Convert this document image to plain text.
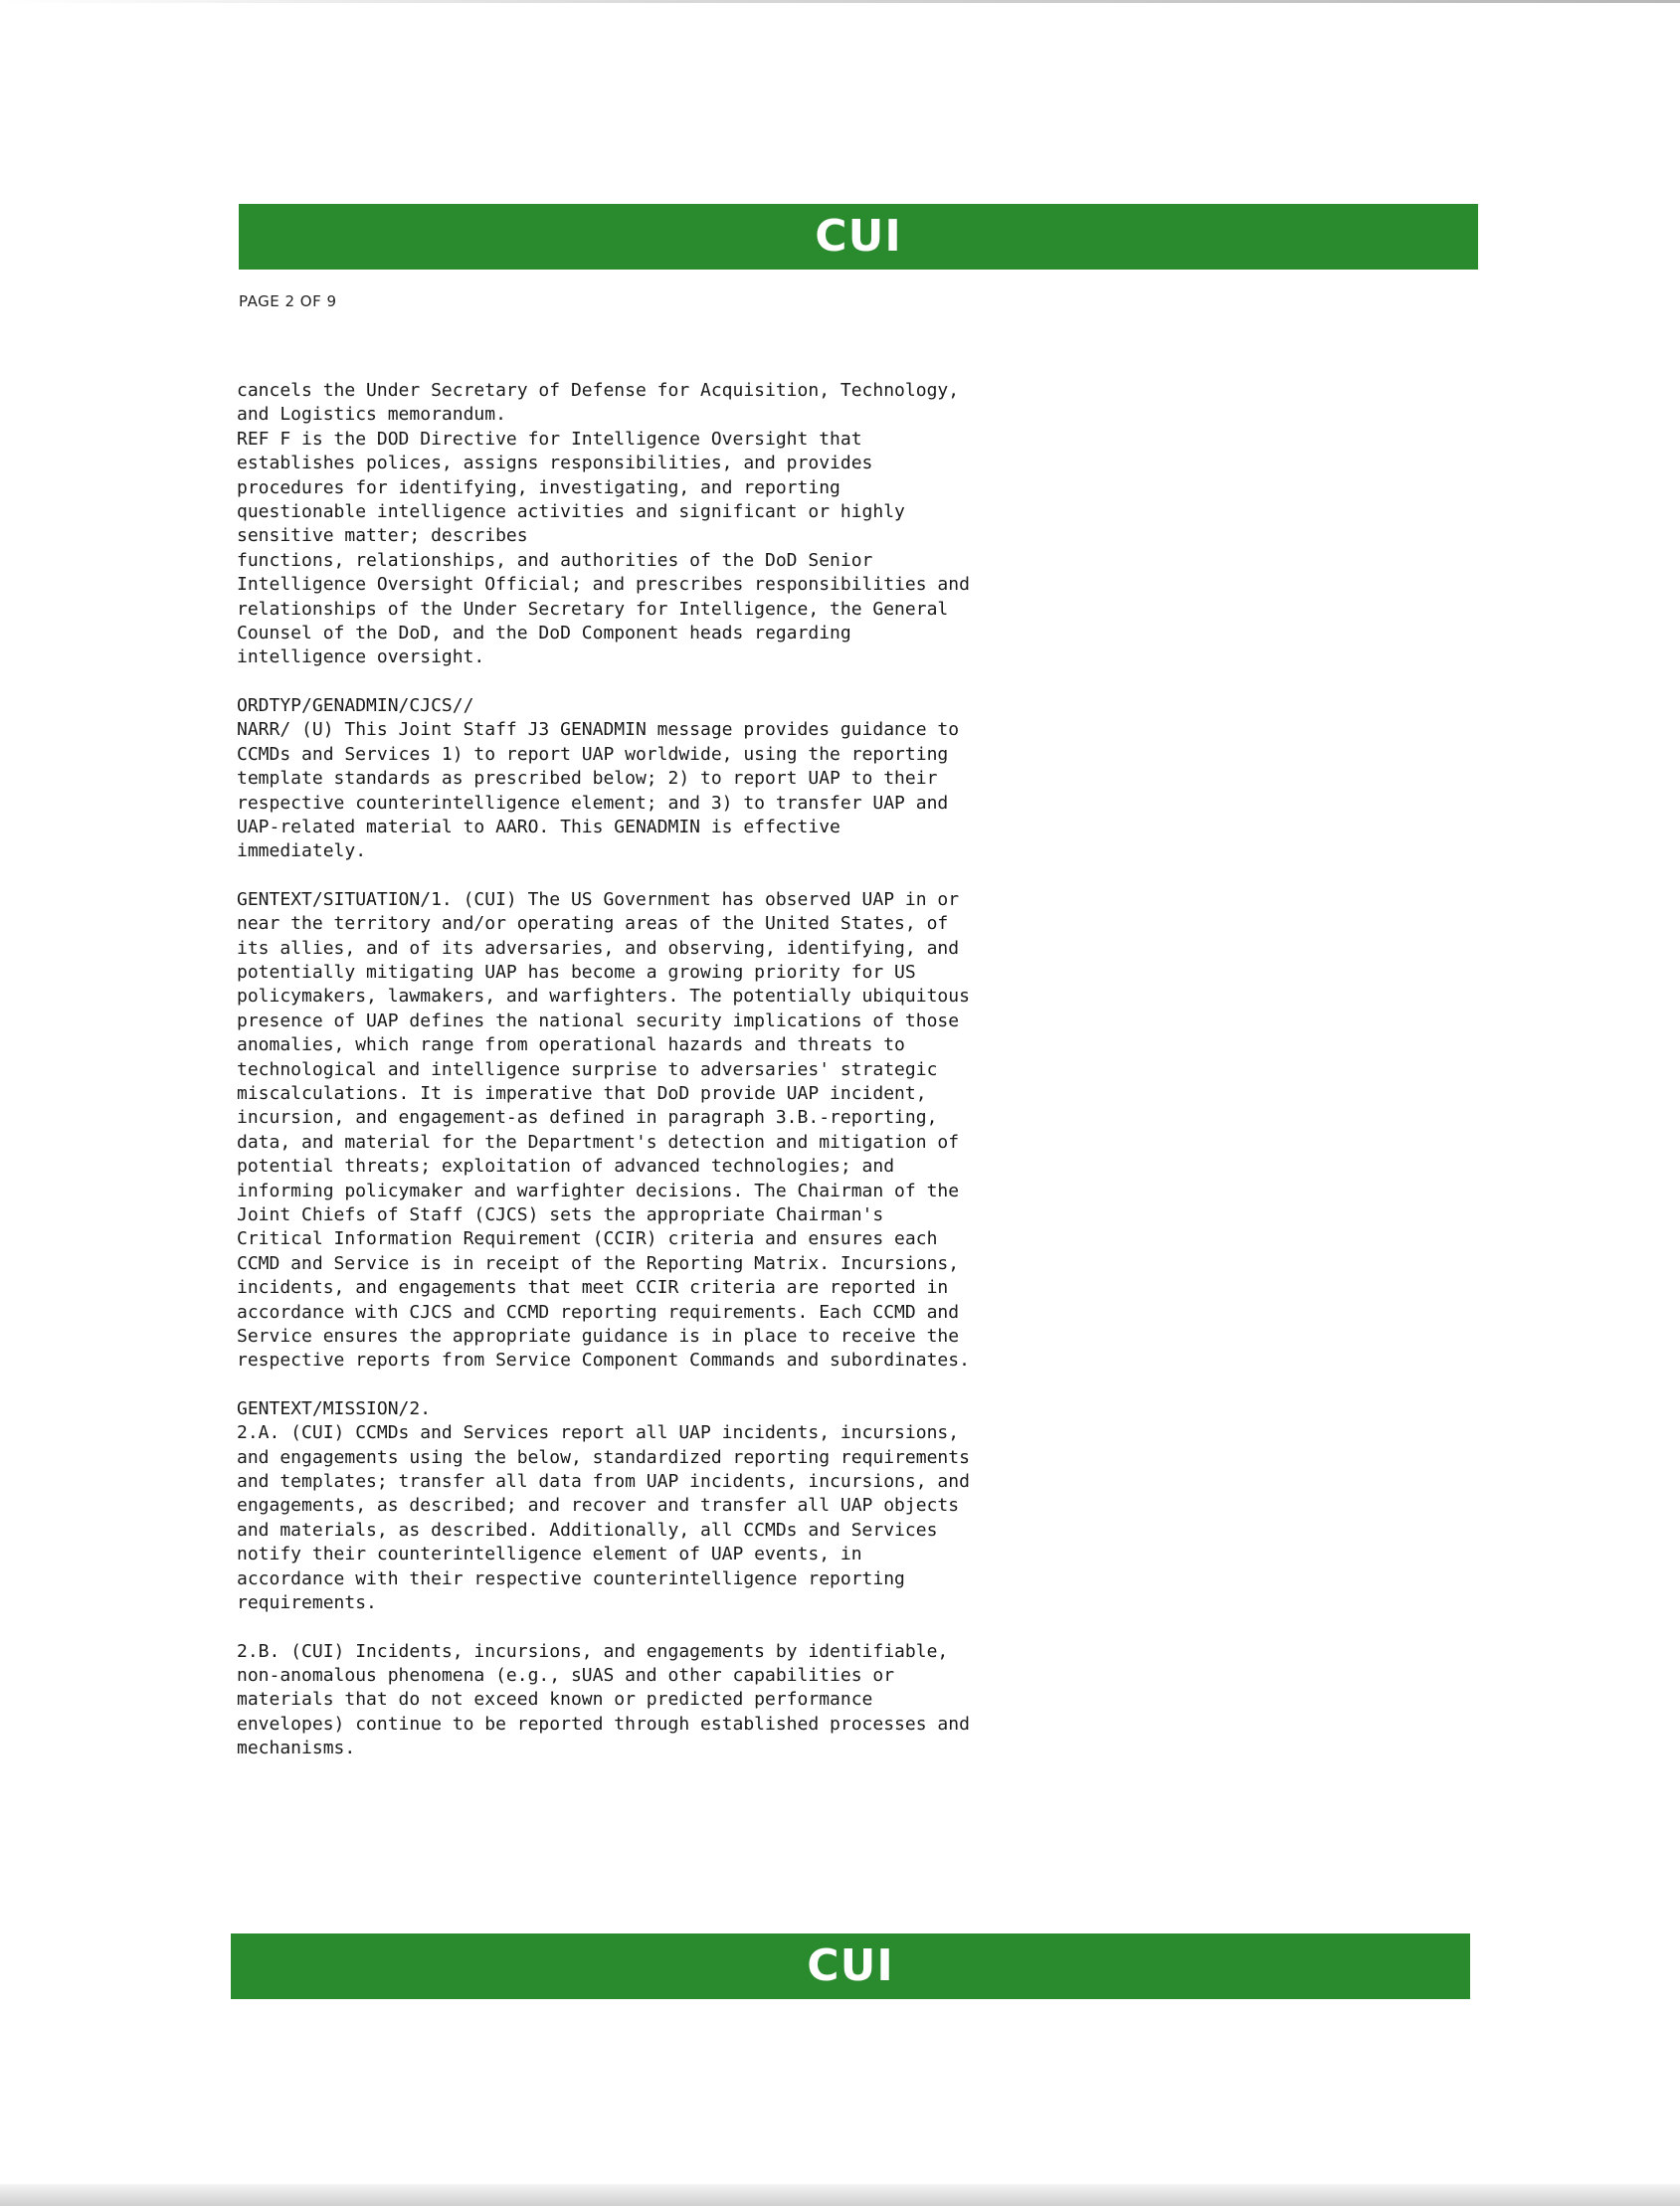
CUI
PAGE 2 OF 9
cancels the Under Secretary of Defense for Acquisition, Technology,
and Logistics memorandum.
REF F is the DOD Directive for Intelligence Oversight that
establishes polices, assigns responsibilities, and provides
procedures for identifying, investigating, and reporting
questionable intelligence activities and significant or highly
sensitive matter; describes
functions, relationships, and authorities of the DoD Senior
Intelligence Oversight Official; and prescribes responsibilities and
relationships of the Under Secretary for Intelligence, the General
Counsel of the DoD, and the DoD Component heads regarding
intelligence oversight.
ORDTYP/GENADMIN/CJCS//
NARR/ (U) This Joint Staff J3 GENADMIN message provides guidance to
CCMDs and Services 1) to report UAP worldwide, using the reporting
template standards as prescribed below; 2) to report UAP to their
respective counterintelligence element; and 3) to transfer UAP and
UAP-related material to AARO. This GENADMIN is effective
immediately.
GENTEXT/SITUATION/1. (CUI) The US Government has observed UAP in or
near the territory and/or operating areas of the United States, of
its allies, and of its adversaries, and observing, identifying, and
potentially mitigating UAP has become a growing priority for US
policymakers, lawmakers, and warfighters. The potentially ubiquitous
presence of UAP defines the national security implications of those
anomalies, which range from operational hazards and threats to
technological and intelligence surprise to adversaries' strategic
miscalculations. It is imperative that DoD provide UAP incident,
incursion, and engagement-as defined in paragraph 3.B.-reporting,
data, and material for the Department's detection and mitigation of
potential threats; exploitation of advanced technologies; and
informing policymaker and warfighter decisions. The Chairman of the
Joint Chiefs of Staff (CJCS) sets the appropriate Chairman's
Critical Information Requirement (CCIR) criteria and ensures each
CCMD and Service is in receipt of the Reporting Matrix. Incursions,
incidents, and engagements that meet CCIR criteria are reported in
accordance with CJCS and CCMD reporting requirements. Each CCMD and
Service ensures the appropriate guidance is in place to receive the
respective reports from Service Component Commands and subordinates.
GENTEXT/MISSION/2.
2.A. (CUI) CCMDs and Services report all UAP incidents, incursions,
and engagements using the below, standardized reporting requirements
and templates; transfer all data from UAP incidents, incursions, and
engagements, as described; and recover and transfer all UAP objects
and materials, as described. Additionally, all CCMDs and Services
notify their counterintelligence element of UAP events, in
accordance with their respective counterintelligence reporting
requirements.
2.B. (CUI) Incidents, incursions, and engagements by identifiable,
non-anomalous phenomena (e.g., sUAS and other capabilities or
materials that do not exceed known or predicted performance
envelopes) continue to be reported through established processes and
mechanisms.
CUI
